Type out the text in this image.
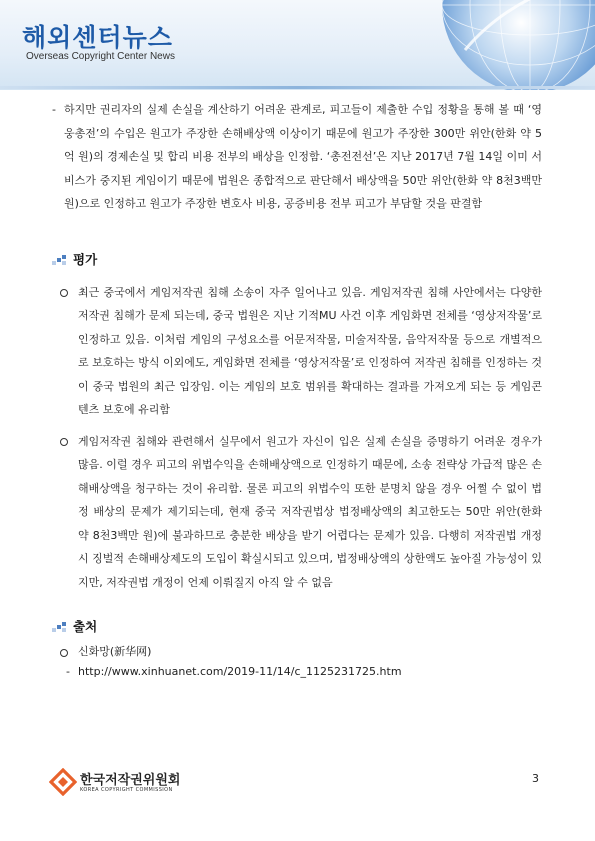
해외센터뉴스
Overseas Copyright Center News
- 하지만 권리자의 실제 손실을 계산하기 어려운 관계로, 피고들이 제출한 수입 정황을 통해 볼 때 ‘영웅총전’의 수입은 원고가 주장한 손해배상액 이상이기 때문에 원고가 주장한 300만 위안(한화 약 5억 원)의 경제손실 및 합리 비용 전부의 배상을 인정함. ‘총전전선’은 지난 2017년 7월 14일 이미 서비스가 중지된 게임이기 때문에 법원은 종합적으로 판단해서 배상액을 50만 위안(한화 약 8천3백만 원)으로 인정하고 원고가 주장한 변호사 비용, 공증비용 전부 피고가 부담할 것을 판결함
평가
최근 중국에서 게임저작권 침해 소송이 자주 일어나고 있음. 게임저작권 침해 사안에서는 다양한 저작권 침해가 문제 되는데, 중국 법원은 지난 기적MU 사건 이후 게임화면 전체를 ‘영상저작물’로 인정하고 있음. 이처럼 게임의 구성요소를 어문저작물, 미술저작물, 음악저작물 등으로 개별적으로 보호하는 방식 이외에도, 게임화면 전체를 ‘영상저작물’로 인정하여 저작권 침해를 인정하는 것이 중국 법원의 최근 입장임. 이는 게임의 보호 범위를 확대하는 결과를 가져오게 되는 등 게임콘텐츠 보호에 유리함
게임저작권 침해와 관련해서 실무에서 원고가 자신이 입은 실제 손실을 증명하기 어려운 경우가 많음. 이럴 경우 피고의 위법수익을 손해배상액으로 인정하기 때문에, 소송 전략상 가급적 많은 손해배상액을 청구하는 것이 유리함. 물론 피고의 위법수익 또한 분명치 않을 경우 어쩔 수 없이 법정 배상의 문제가 제기되는데, 현재 중국 저작권법상 법정배상액의 최고한도는 50만 위안(한화 약 8천3백만 원)에 불과하므로 충분한 배상을 받기 어렵다는 문제가 있음. 다행히 저작권법 개정 시 징벌적 손해배상제도의 도입이 확실시되고 있으며, 법정배상액의 상한액도 높아질 가능성이 있지만, 저작권법 개정이 언제 이뤄질지 아직 알 수 없음
출처
신화망(新华网)
- http://www.xinhuanet.com/2019-11/14/c_1125231725.htm
한국저작권위원회
KOREA COPYRIGHT COMMISSION
3
